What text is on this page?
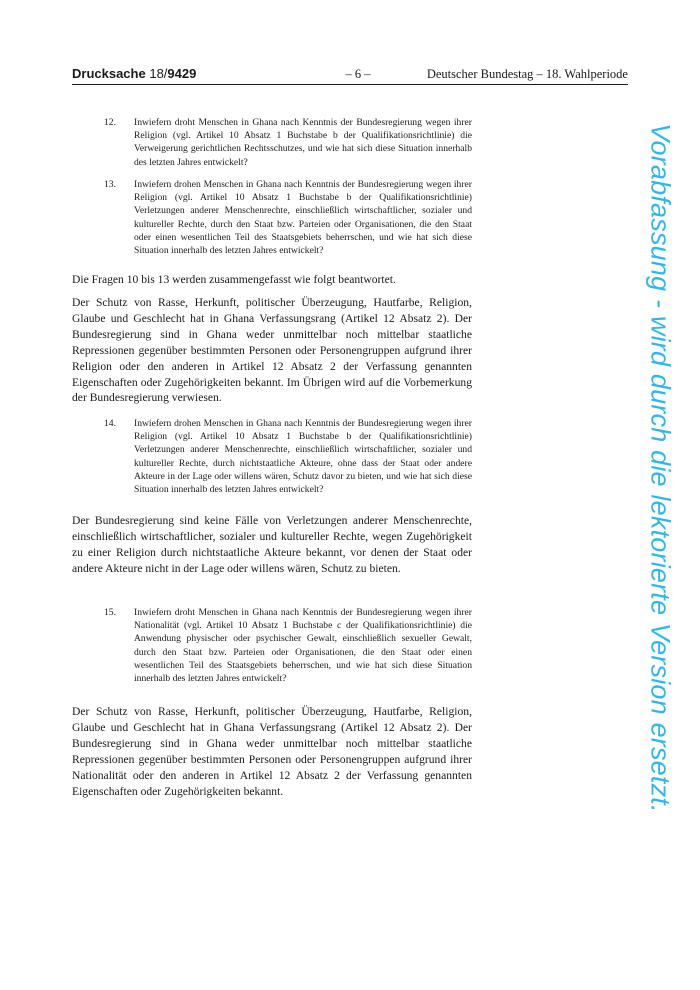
Drucksache 18/9429	– 6 –	Deutscher Bundestag – 18. Wahlperiode
12. Inwiefern droht Menschen in Ghana nach Kenntnis der Bundesregierung wegen ihrer Religion (vgl. Artikel 10 Absatz 1 Buchstabe b der Qualifikationsrichtlinie) die Verweigerung gerichtlichen Rechtsschutzes, und wie hat sich diese Situation innerhalb des letzten Jahres entwickelt?
13. Inwiefern drohen Menschen in Ghana nach Kenntnis der Bundesregierung wegen ihrer Religion (vgl. Artikel 10 Absatz 1 Buchstabe b der Qualifikationsrichtlinie) Verletzungen anderer Menschenrechte, einschließlich wirtschaftlicher, sozialer und kultureller Rechte, durch den Staat bzw. Parteien oder Organisationen, die den Staat oder einen wesentlichen Teil des Staatsgebiets beherrschen, und wie hat sich diese Situation innerhalb des letzten Jahres entwickelt?

Die Fragen 10 bis 13 werden zusammengefasst wie folgt beantwortet.

Der Schutz von Rasse, Herkunft, politischer Überzeugung, Hautfarbe, Religion, Glaube und Geschlecht hat in Ghana Verfassungsrang (Artikel 12 Absatz 2). Der Bundesregierung sind in Ghana weder unmittelbar noch mittelbar staatliche Repressionen gegenüber bestimmten Personen oder Personengruppen aufgrund ihrer Religion oder den anderen in Artikel 12 Absatz 2 der Verfassung genannten Eigenschaften oder Zugehörigkeiten bekannt. Im Übrigen wird auf die Vorbemerkung der Bundesregierung verwiesen.

14. Inwiefern drohen Menschen in Ghana nach Kenntnis der Bundesregierung wegen ihrer Religion (vgl. Artikel 10 Absatz 1 Buchstabe b der Qualifikationsrichtlinie) Verletzungen anderer Menschenrechte, einschließlich wirtschaftlicher, sozialer und kultureller Rechte, durch nichtstaatliche Akteure, ohne dass der Staat oder andere Akteure in der Lage oder willens wären, Schutz davor zu bieten, und wie hat sich diese Situation innerhalb des letzten Jahres entwickelt?

Der Bundesregierung sind keine Fälle von Verletzungen anderer Menschenrechte, einschließlich wirtschaftlicher, sozialer und kultureller Rechte, wegen Zugehörigkeit zu einer Religion durch nichtstaatliche Akteure bekannt, vor denen der Staat oder andere Akteure nicht in der Lage oder willens wären, Schutz zu bieten.

15. Inwiefern droht Menschen in Ghana nach Kenntnis der Bundesregierung wegen ihrer Nationalität (vgl. Artikel 10 Absatz 1 Buchstabe c der Qualifikationsrichtlinie) die Anwendung physischer oder psychischer Gewalt, einschließlich sexueller Gewalt, durch den Staat bzw. Parteien oder Organisationen, die den Staat oder einen wesentlichen Teil des Staatsgebiets beherrschen, und wie hat sich diese Situation innerhalb des letzten Jahres entwickelt?

Der Schutz von Rasse, Herkunft, politischer Überzeugung, Hautfarbe, Religion, Glaube und Geschlecht hat in Ghana Verfassungsrang (Artikel 12 Absatz 2). Der Bundesregierung sind in Ghana weder unmittelbar noch mittelbar staatliche Repressionen gegenüber bestimmten Personen oder Personengruppen aufgrund ihrer Nationalität oder den anderen in Artikel 12 Absatz 2 der Verfassung genannten Eigenschaften oder Zugehörigkeiten bekannt.	Vorabfassung - wird durch die lektorierte Version ersetzt.
